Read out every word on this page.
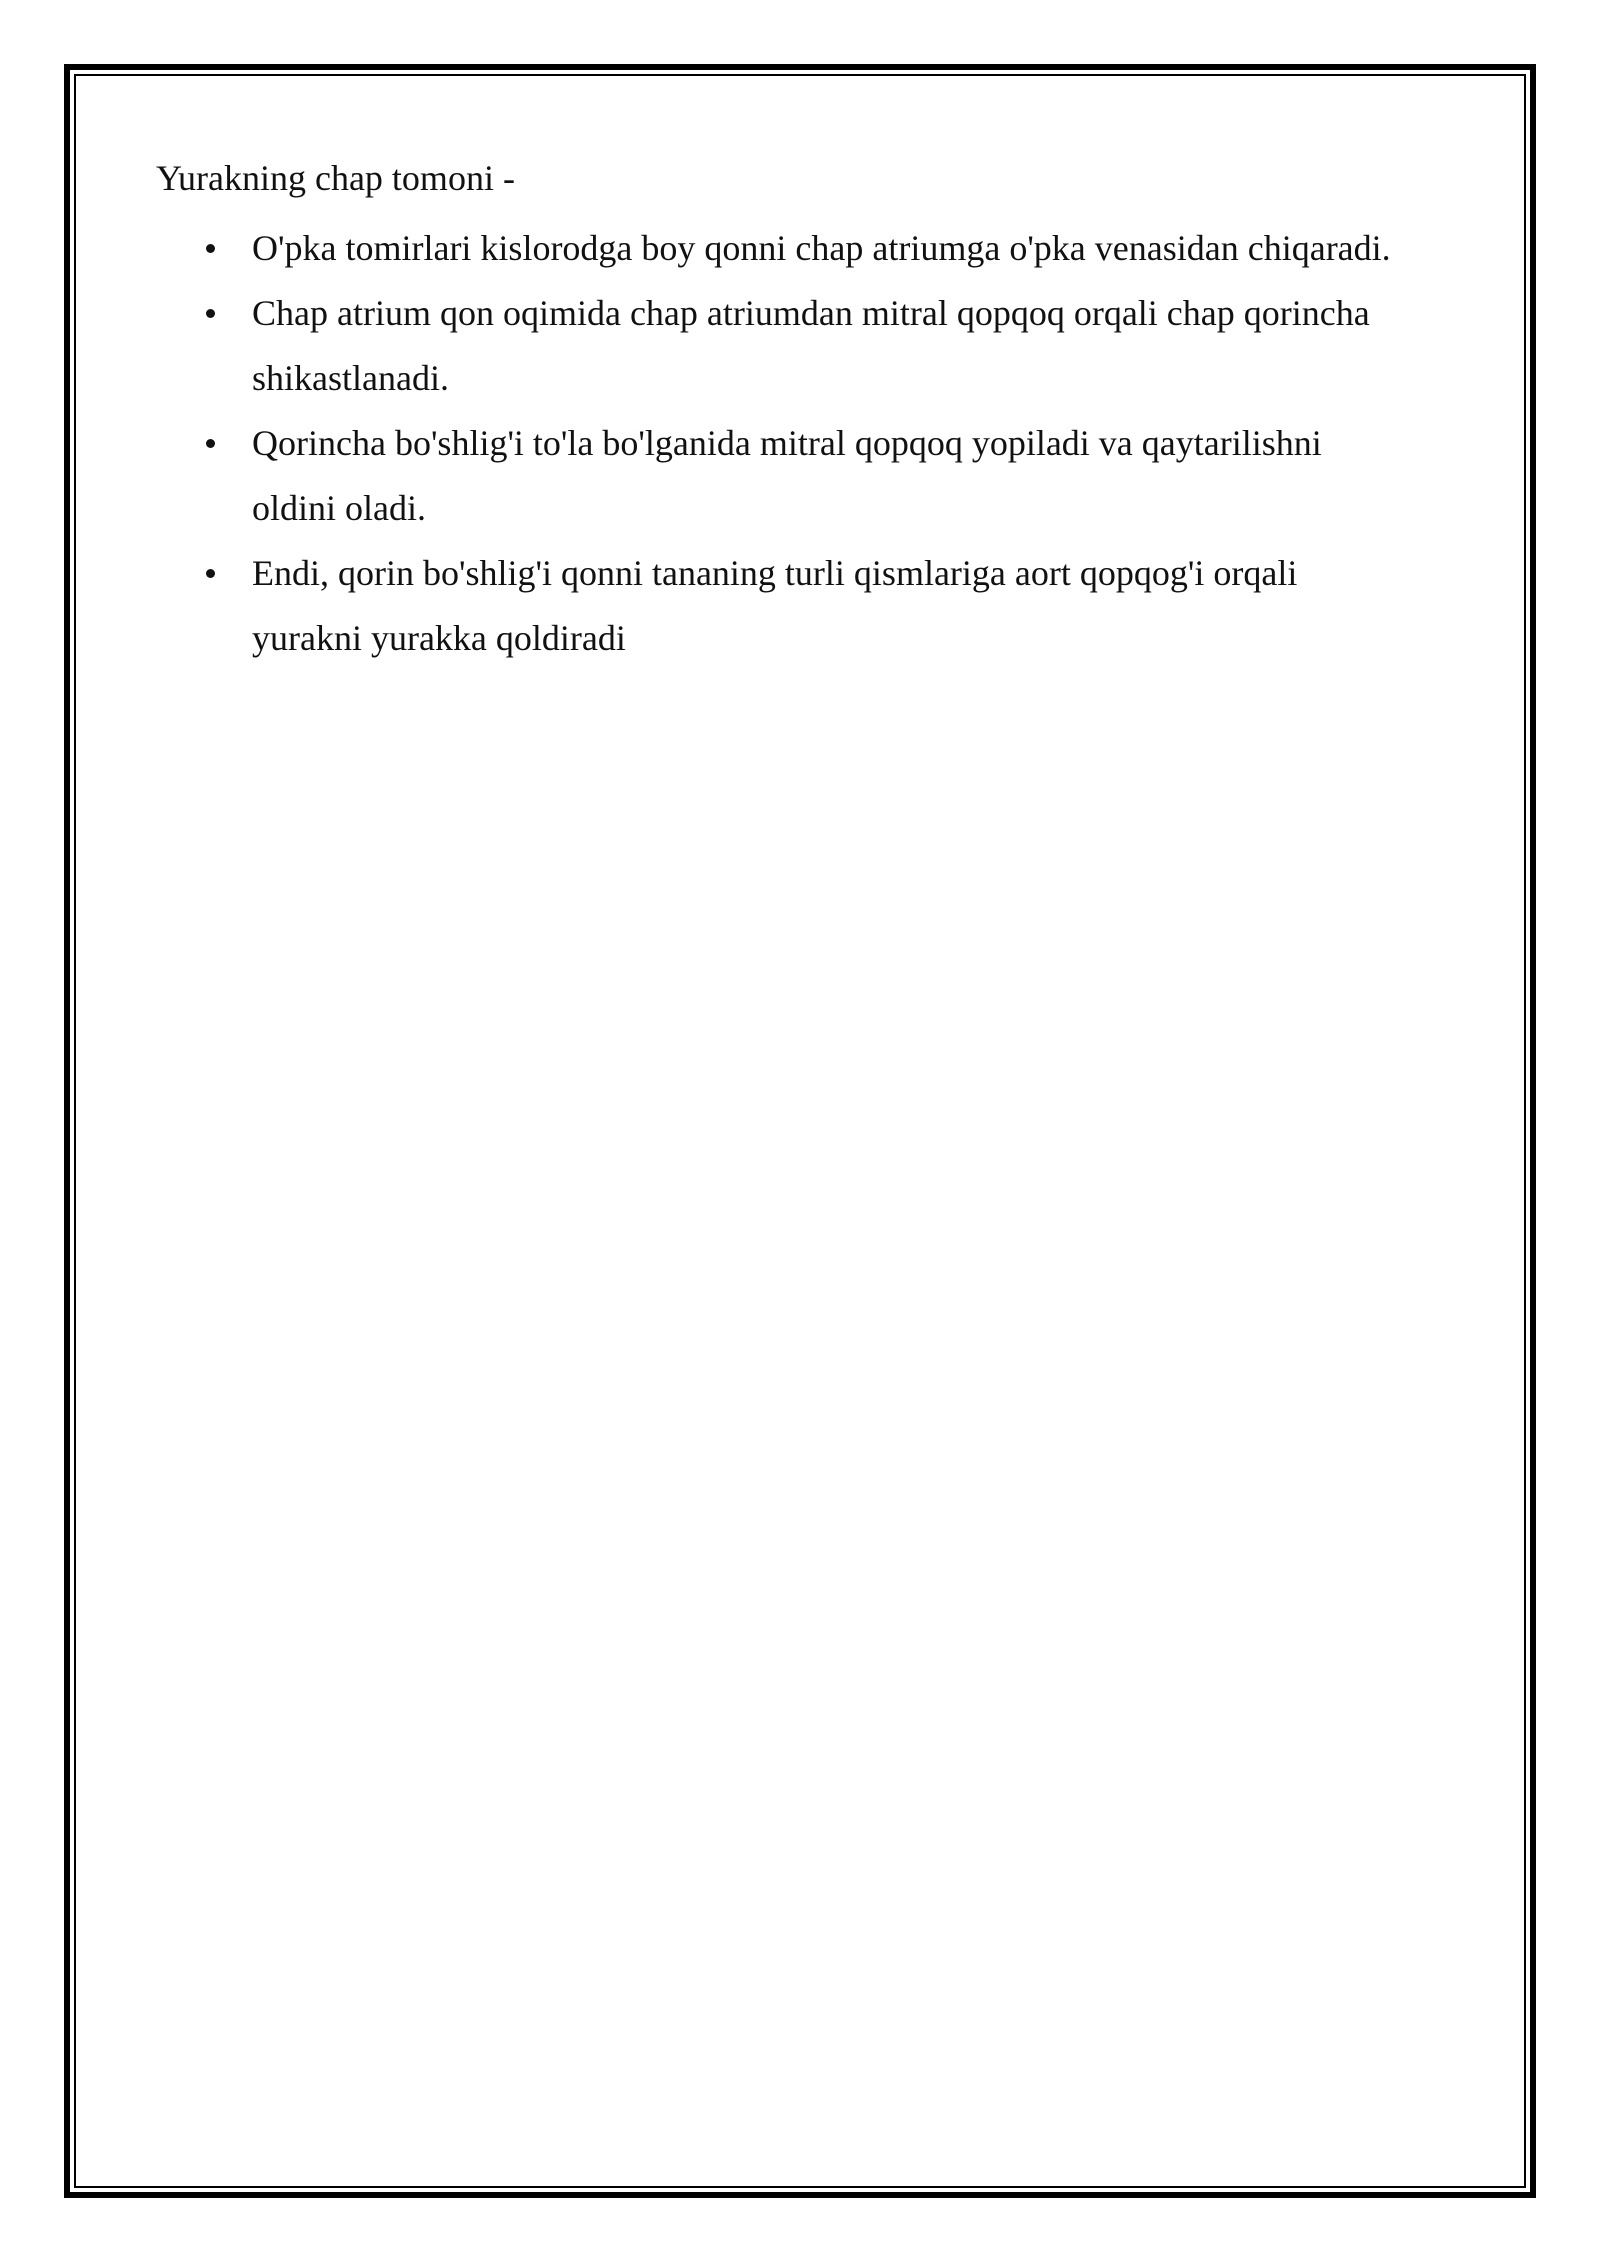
Yurakning chap tomoni -

O'pka tomirlari kislorodga boy qonni chap atriumga o'pka venasidan chiqaradi.
Chap atrium qon oqimida chap atriumdan mitral qopqoq orqali chap qorincha
shikastlanadi.
Qorincha bo'shlig'i to'la bo'lganida mitral qopqoq yopiladi va qaytarilishni
oldini oladi.
Endi, qorin bo'shlig'i qonni tananing turli qismlariga aort qopqog'i orqali
yurakni yurakka qoldiradi
